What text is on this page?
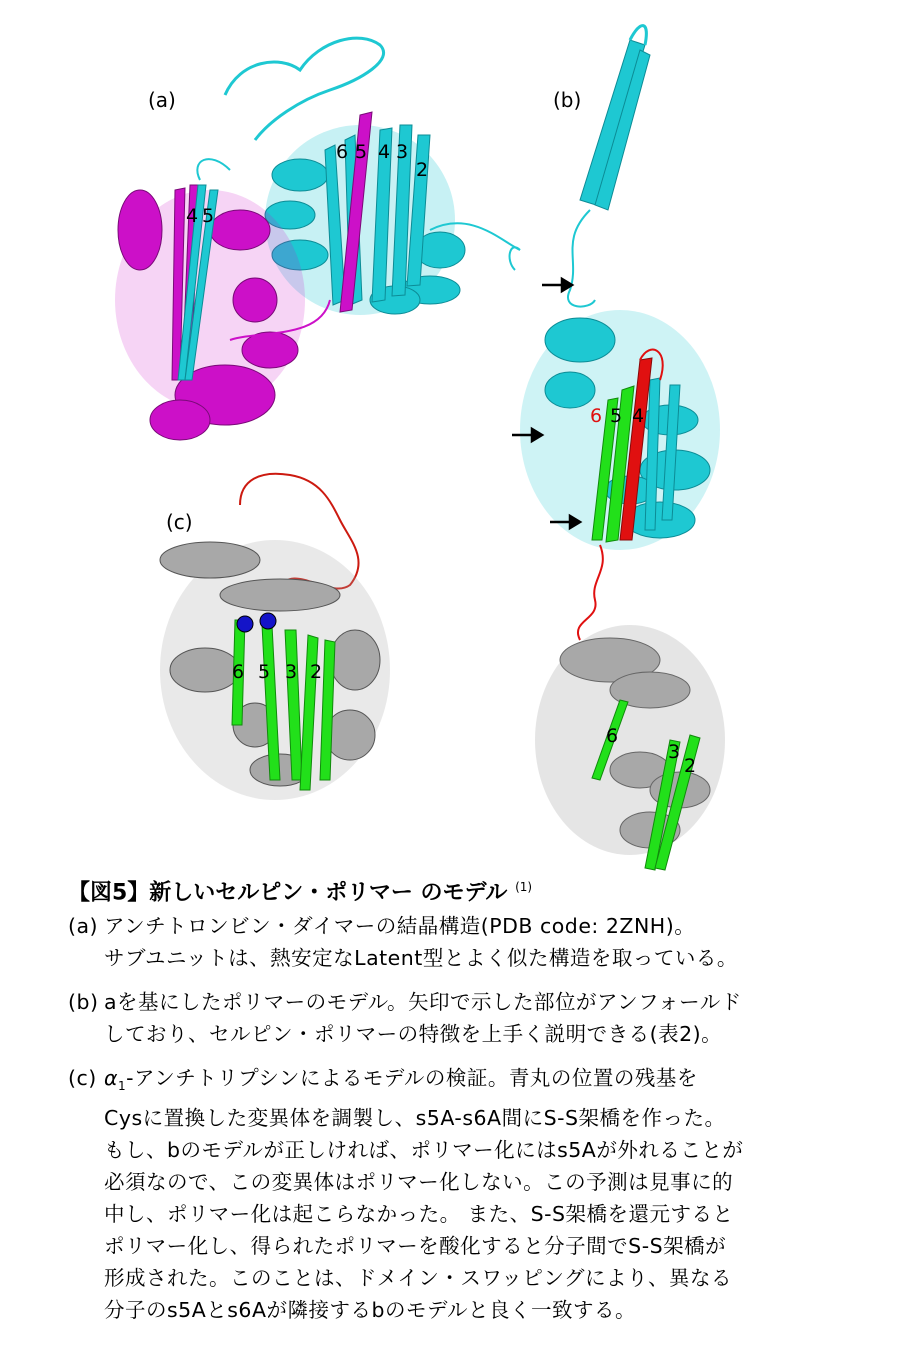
6 5 4 3
2
4 5
(a)
6 5 4
6
3
2
(b)
6 5 3 2
(c)
【図5】新しいセルピン・ポリマー のモデル $^{(1)}$
(a) アンチトロンビン・ダイマーの結晶構造(PDB code: 2ZNH)。
サブユニットは、熱安定なLatent型とよく似た構造を取っている。
(b) aを基にしたポリマーのモデル。矢印で示した部位がアンフォールド
しており、セルピン・ポリマーの特徴を上手く説明できる(表2)。
(c) $\alpha_1-$アンチトリプシンによるモデルの検証。青丸の位置の残基を
Cysに置換した変異体を調製し、s5A-s6A間にS-S架橋を作った。
もし、bのモデルが正しければ、ポリマー化にはs5Aが外れることが
必須なので、この変異体はポリマー化しない。この予測は見事に的
中し、ポリマー化は起こらなかった。 また、S-S架橋を還元すると
ポリマー化し、得られたポリマーを酸化すると分子間でS-S架橋が
形成された。このことは、ドメイン・スワッピングにより、異なる
分子のs5Aとs6Aが隣接するbのモデルと良く一致する。
